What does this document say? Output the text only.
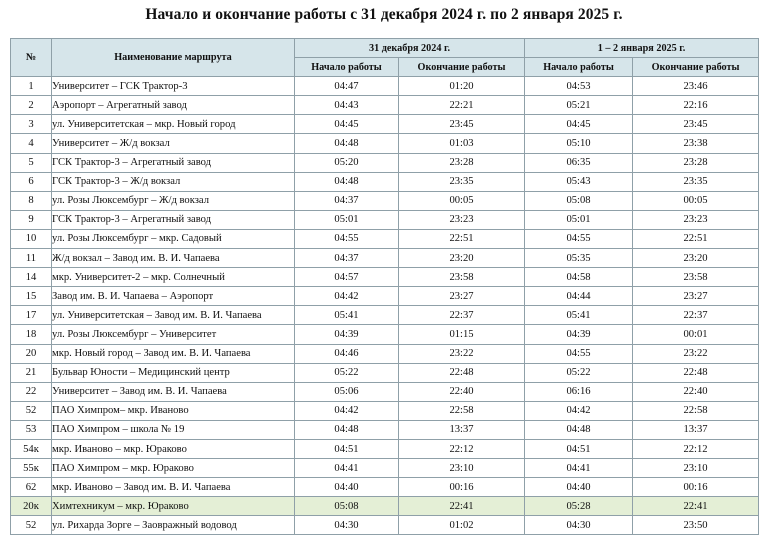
Начало и окончание работы с 31 декабря 2024 г. по 2 января 2025 г.
№	Наименование маршрута	31 декабря 2024 г.		1 – 2 января 2025 г.	
		Начало работы	Окончание работы	Начало работы	Окончание работы
1	Университет – ГСК Трактор-3	04:47	01:20	04:53	23:46
2	Аэропорт – Агрегатный завод	04:43	22:21	05:21	22:16
3	ул. Университетская – мкр. Новый город	04:45	23:45	04:45	23:45
4	Университет – Ж/д вокзал	04:48	01:03	05:10	23:38
5	ГСК Трактор-3 – Агрегатный завод	05:20	23:28	06:35	23:28
6	ГСК Трактор-3 – Ж/д вокзал	04:48	23:35	05:43	23:35
8	ул. Розы Люксембург – Ж/д вокзал	04:37	00:05	05:08	00:05
9	ГСК Трактор-3 – Агрегатный завод	05:01	23:23	05:01	23:23
10	ул. Розы Люксембург – мкр. Садовый	04:55	22:51	04:55	22:51
11	Ж/д вокзал – Завод им. В. И. Чапаева	04:37	23:20	05:35	23:20
14	мкр. Университет-2 – мкр. Солнечный	04:57	23:58	04:58	23:58
15	Завод им. В. И. Чапаева – Аэропорт	04:42	23:27	04:44	23:27
17	ул. Университетская – Завод им. В. И. Чапаева	05:41	22:37	05:41	22:37
18	ул. Розы Люксембург – Университет	04:39	01:15	04:39	00:01
20	мкр. Новый город – Завод им. В. И. Чапаева	04:46	23:22	04:55	23:22
21	Бульвар Юности – Медицинский центр	05:22	22:48	05:22	22:48
22	Университет – Завод им. В. И. Чапаева	05:06	22:40	06:16	22:40
52	ПАО Химпром– мкр. Иваново	04:42	22:58	04:42	22:58
53	ПАО Химпром – школа № 19	04:48	13:37	04:48	13:37
54к	мкр. Иваново – мкр. Юраково	04:51	22:12	04:51	22:12
55к	ПАО Химпром – мкр. Юраково	04:41	23:10	04:41	23:10
62	мкр. Иваново – Завод им. В. И. Чапаева	04:40	00:16	04:40	00:16
20к	Химтехникум – мкр. Юраково	05:08	22:41	05:28	22:41
52	ул. Рихарда Зорге – Заовражный водовод	04:30	01:02	04:30	23:50
